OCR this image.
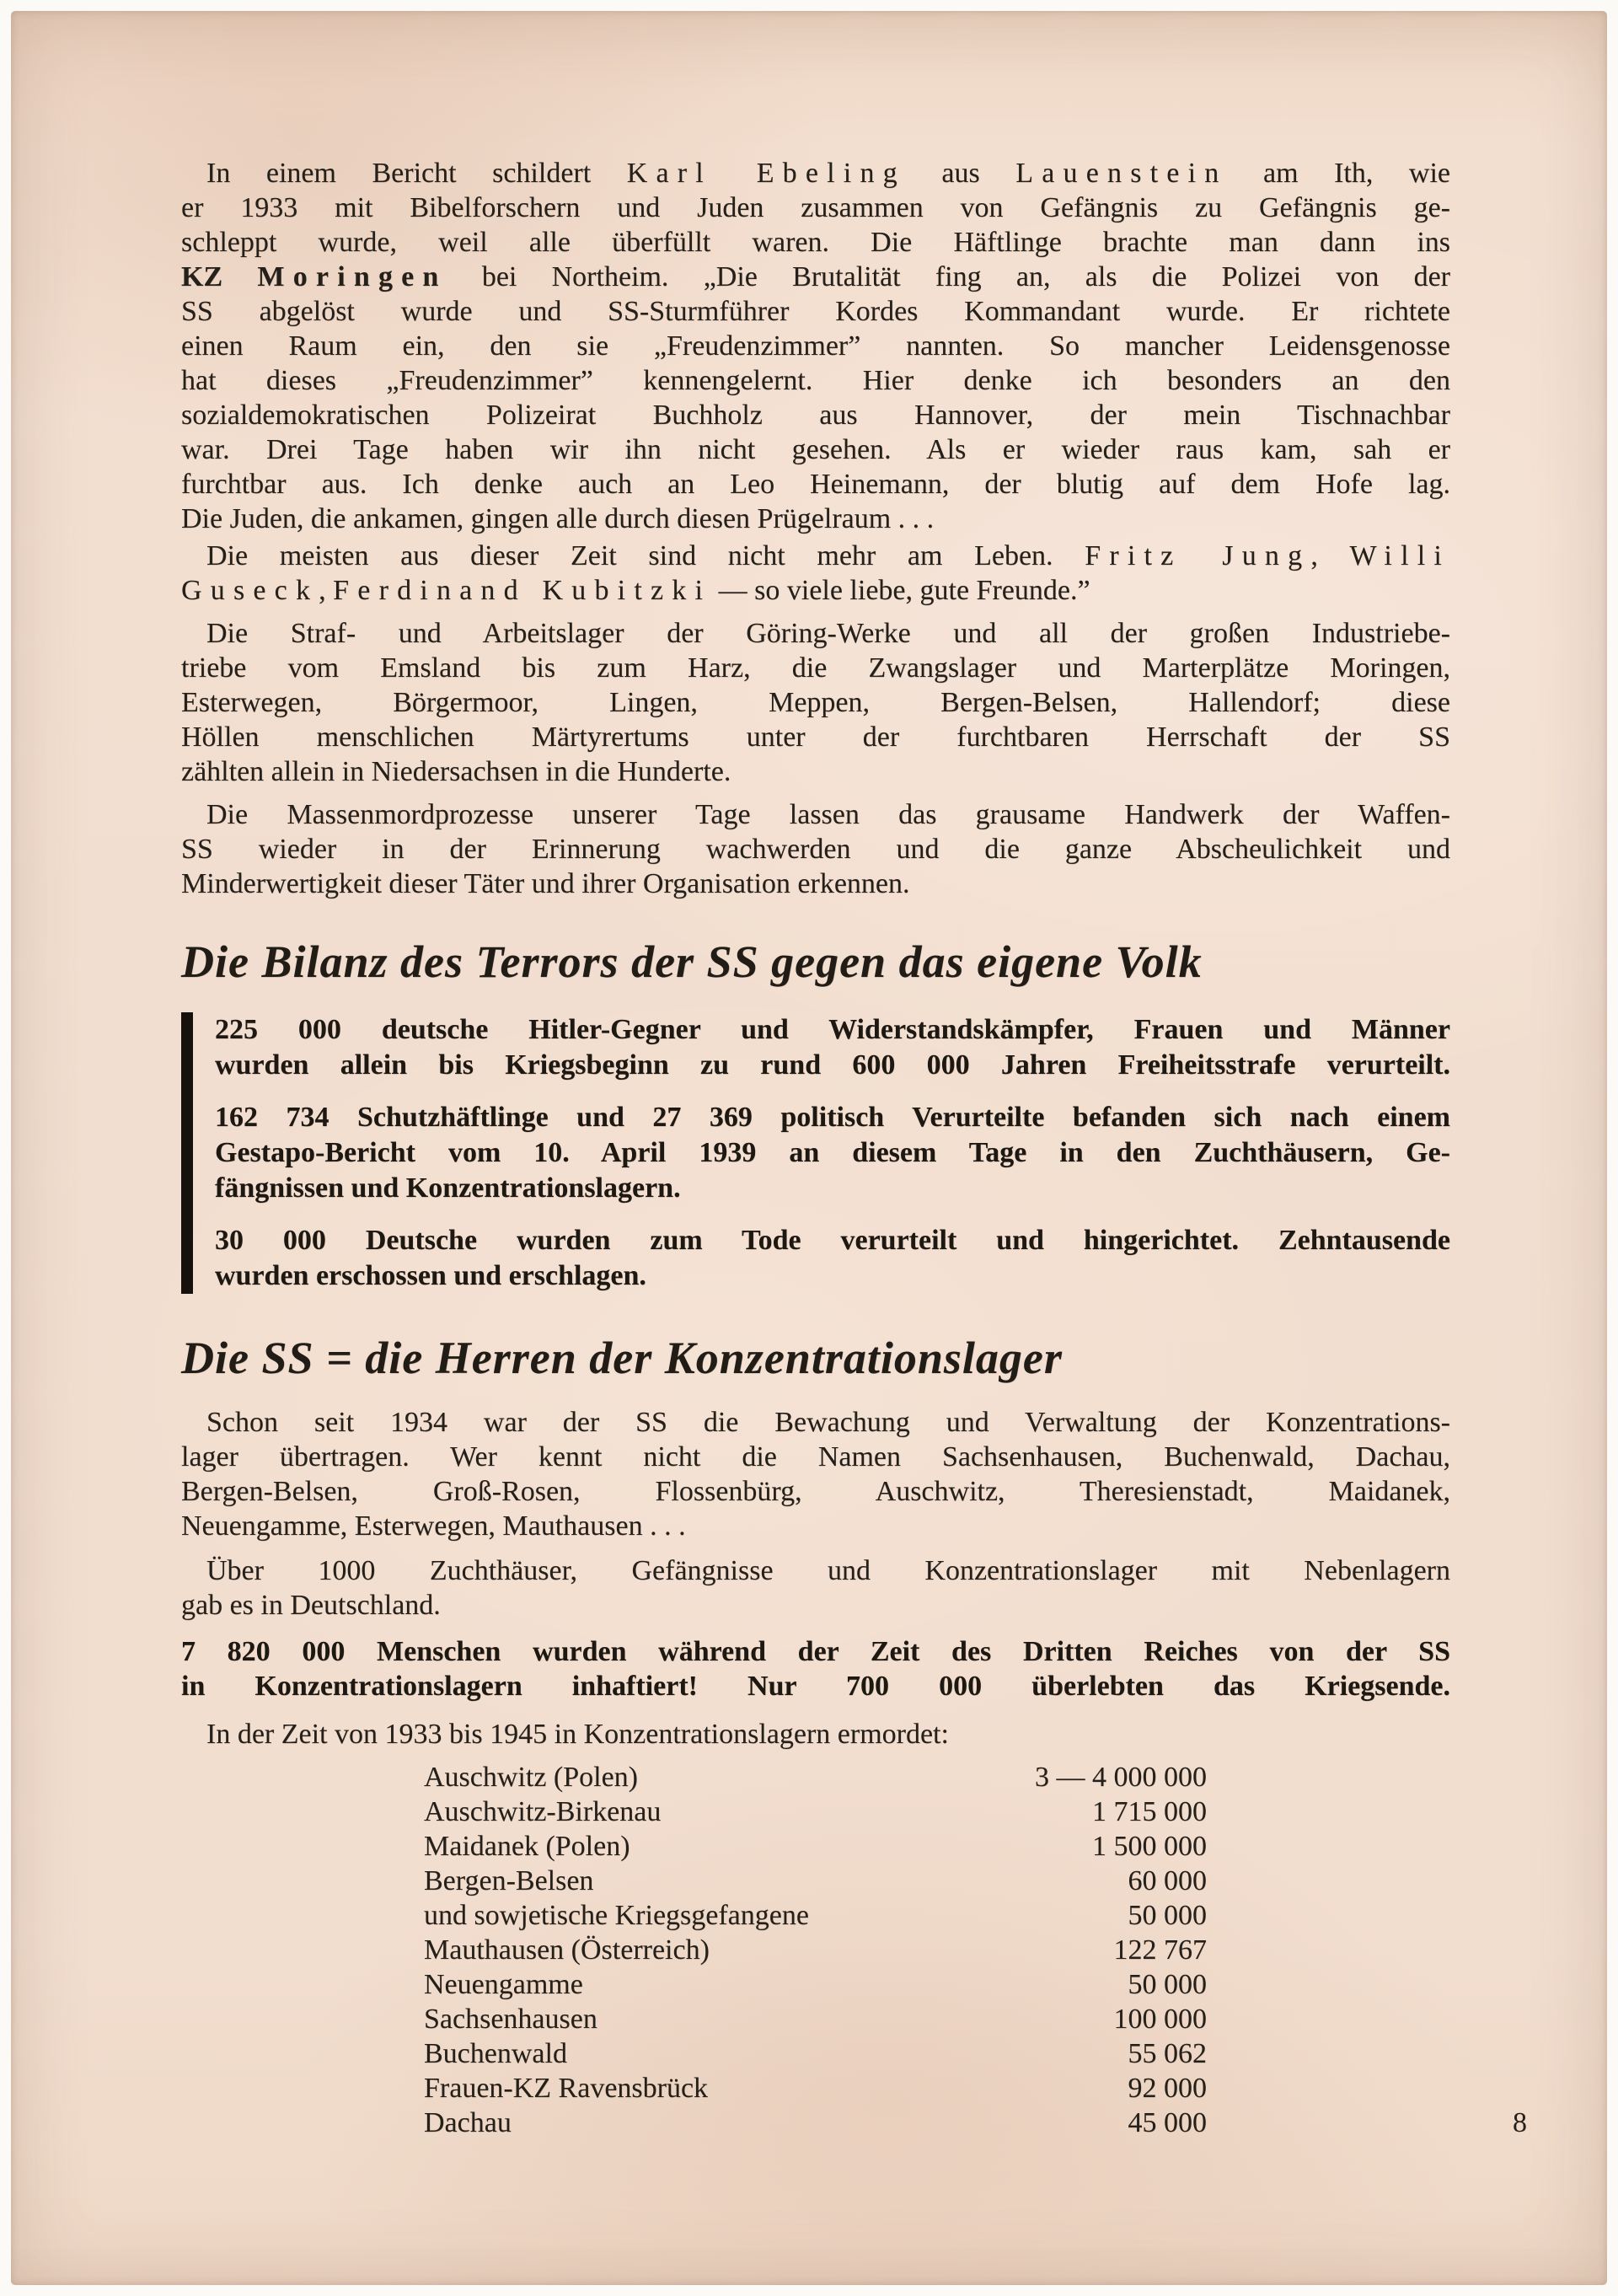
In einem Bericht schildert Karl Ebeling aus Lauenstein am Ith, wie
er 1933 mit Bibelforschern und Juden zusammen von Gefängnis zu Gefängnis ge-
schleppt wurde, weil alle überfüllt waren. Die Häftlinge brachte man dann ins
KZ Moringen bei Northeim. „Die Brutalität fing an, als die Polizei von der
SS abgelöst wurde und SS-Sturmführer Kordes Kommandant wurde. Er richtete
einen Raum ein, den sie „Freudenzimmer” nannten. So mancher Leidensgenosse
hat dieses „Freudenzimmer” kennengelernt. Hier denke ich besonders an den
sozialdemokratischen Polizeirat Buchholz aus Hannover, der mein Tischnachbar
war. Drei Tage haben wir ihn nicht gesehen. Als er wieder raus kam, sah er
furchtbar aus. Ich denke auch an Leo Heinemann, der blutig auf dem Hofe lag.
Die Juden, die ankamen, gingen alle durch diesen Prügelraum . . .
Die meisten aus dieser Zeit sind nicht mehr am Leben. Fritz Jung, Willi
Guseck, Ferdinand Kubitzki — so viele liebe, gute Freunde.”
Die Straf- und Arbeitslager der Göring-Werke und all der großen Industriebe-
triebe vom Emsland bis zum Harz, die Zwangslager und Marterplätze Moringen,
Esterwegen, Börgermoor, Lingen, Meppen, Bergen-Belsen, Hallendorf; diese
Höllen menschlichen Märtyrertums unter der furchtbaren Herrschaft der SS
zählten allein in Niedersachsen in die Hunderte.
Die Massenmordprozesse unserer Tage lassen das grausame Handwerk der Waffen-
SS wieder in der Erinnerung wachwerden und die ganze Abscheulichkeit und
Minderwertigkeit dieser Täter und ihrer Organisation erkennen.
Die Bilanz des Terrors der SS gegen das eigene Volk
225 000 deutsche Hitler-Gegner und Widerstandskämpfer, Frauen und Männer
wurden allein bis Kriegsbeginn zu rund 600 000 Jahren Freiheitsstrafe verurteilt.
162 734 Schutzhäftlinge und 27 369 politisch Verurteilte befanden sich nach einem
Gestapo-Bericht vom 10. April 1939 an diesem Tage in den Zuchthäusern, Ge-
fängnissen und Konzentrationslagern.
30 000 Deutsche wurden zum Tode verurteilt und hingerichtet. Zehntausende
wurden erschossen und erschlagen.
Die SS = die Herren der Konzentrationslager
Schon seit 1934 war der SS die Bewachung und Verwaltung der Konzentrations-
lager übertragen. Wer kennt nicht die Namen Sachsenhausen, Buchenwald, Dachau,
Bergen-Belsen, Groß-Rosen, Flossenbürg, Auschwitz, Theresienstadt, Maidanek,
Neuengamme, Esterwegen, Mauthausen . . .
Über 1000 Zuchthäuser, Gefängnisse und Konzentrationslager mit Nebenlagern
gab es in Deutschland.
7 820 000 Menschen wurden während der Zeit des Dritten Reiches von der SS
in Konzentrationslagern inhaftiert! Nur 700 000 überlebten das Kriegsende.
In der Zeit von 1933 bis 1945 in Konzentrationslagern ermordet:
Auschwitz (Polen)	3 — 4 000 000
Auschwitz-Birkenau	1 715 000
Maidanek (Polen)	1 500 000
Bergen-Belsen	60 000
und sowjetische Kriegsgefangene	50 000
Mauthausen (Österreich)	122 767
Neuengamme	50 000
Sachsenhausen	100 000
Buchenwald	55 062
Frauen-KZ Ravensbrück	92 000
Dachau	45 000	8
